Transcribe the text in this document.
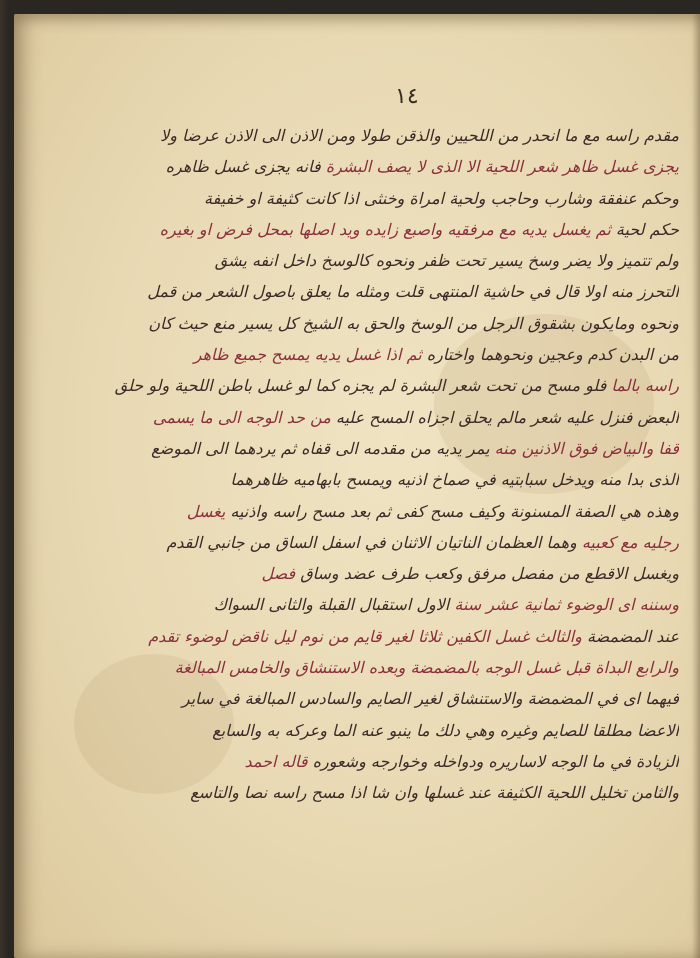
١٤
مقدم راسه مع ما انحدر من اللحيين والذقن طولا ومن الاذن الى الاذن عرضا ولا
يجزى غسل ظاهر شعر اللحية الا الذى لا يصف البشرة فانه يجزى غسل ظاهره
وحكم عنفقة وشارب وحاجب ولحية امراة وخنثى اذا كانت كثيفة او خفيفة
حكم لحية ثم يغسل يديه مع مرفقيه واصبع زايده ويد اصلها بمحل فرض او بغيره
ولم تتميز ولا يضر وسخ يسير تحت ظفر ونحوه كالوسخ داخل انفه يشق
التحرز منه اولا قال في حاشية المنتهى قلت ومثله ما يعلق باصول الشعر من قمل
ونحوه ومايكون بشقوق الرجل من الوسخ والحق به الشيخ كل يسير منع حيث كان
من البدن كدم وعجين ونحوهما واختاره ثم اذا غسل يديه يمسح جميع ظاهر
راسه بالما فلو مسح من تحت شعر البشرة لم يجزه كما لو غسل باطن اللحية ولو حلق
البعض فنزل عليه شعر مالم يحلق اجزاه المسح عليه من حد الوجه الى ما يسمى
قفا والبياض فوق الاذنين منه يمر يديه من مقدمه الى قفاه ثم يردهما الى الموضع
الذى بدا منه ويدخل سبابتيه في صماخ اذنيه ويمسح بابهاميه ظاهرهما
وهذه هي الصفة المسنونة وكيف مسح كفى ثم بعد مسح راسه واذنيه يغسل
رجليه مع كعبيه وهما العظمان الناتيان الاثنان في اسفل الساق من جانبي القدم
ويغسل الاقطع من مفصل مرفق وكعب طرف عضد وساق فصل
وسننه اى الوضوء ثمانية عشر سنة الاول استقبال القبلة والثانى السواك
عند المضمضة والثالث غسل الكفين ثلاثا لغير قايم من نوم ليل ناقض لوضوء تقدم
والرابع البداة قبل غسل الوجه بالمضمضة وبعده الاستنشاق والخامس المبالغة
فيهما اى في المضمضة والاستنشاق لغير الصايم والسادس المبالغة في ساير
الاعضا مطلقا للصايم وغيره وهي دلك ما ينبو عنه الما وعركه به والسابع
الزيادة في ما الوجه لاساريره ودواخله وخوارجه وشعوره قاله احمد
والثامن تخليل اللحية الكثيفة عند غسلها وان شا اذا مسح راسه نصا والتاسع
